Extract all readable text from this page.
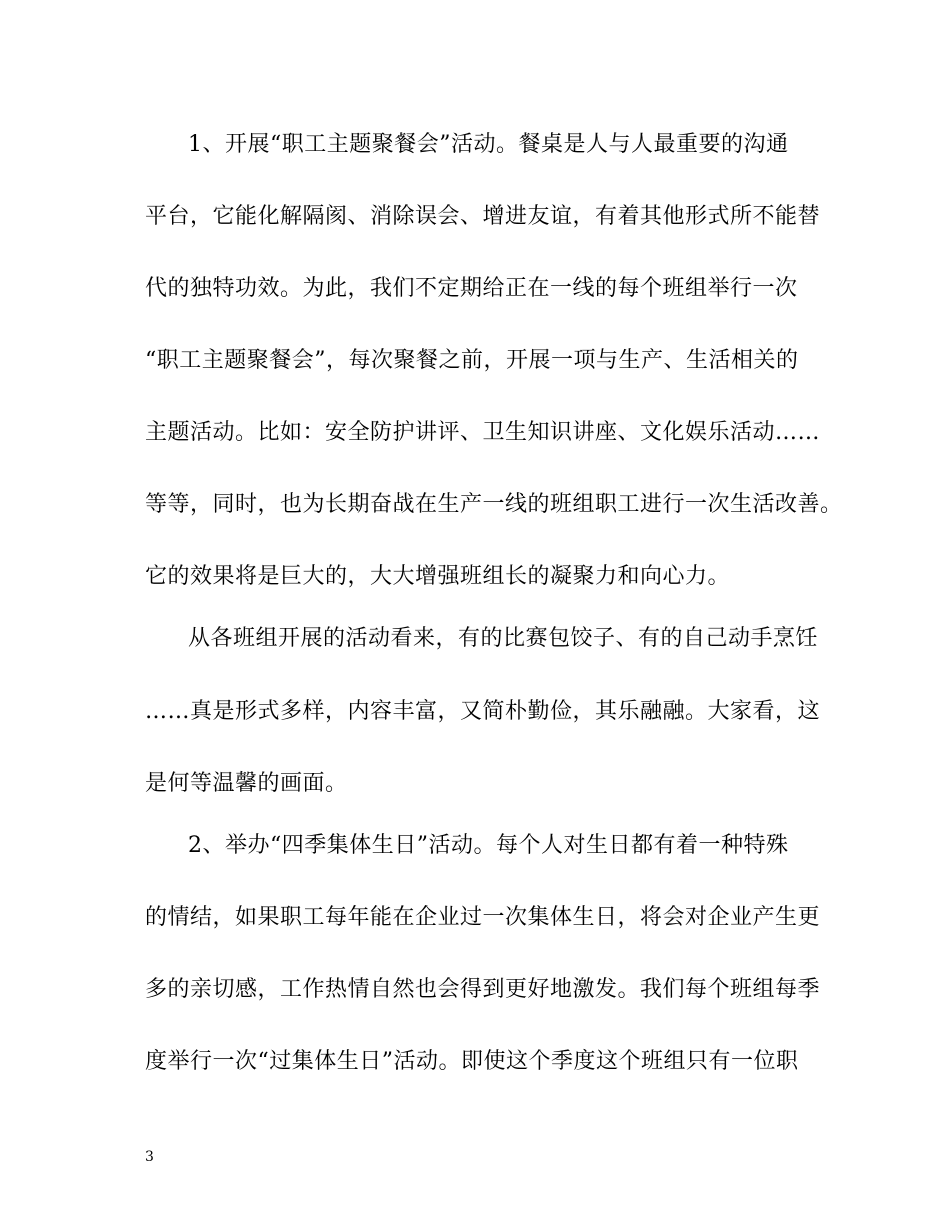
1、开展“职工主题聚餐会”活动。餐桌是人与人最重要的沟通
平台，它能化解隔阂、消除误会、增进友谊，有着其他形式所不能替
代的独特功效。为此，我们不定期给正在一线的每个班组举行一次
“职工主题聚餐会”，每次聚餐之前，开展一项与生产、生活相关的
主题活动。比如：安全防护讲评、卫生知识讲座、文化娱乐活动……
等等，同时，也为长期奋战在生产一线的班组职工进行一次生活改善。
它的效果将是巨大的，大大增强班组长的凝聚力和向心力。
从各班组开展的活动看来，有的比赛包饺子、有的自己动手烹饪
……真是形式多样，内容丰富，又简朴勤俭，其乐融融。大家看，这
是何等温馨的画面。
2、举办“四季集体生日”活动。每个人对生日都有着一种特殊
的情结，如果职工每年能在企业过一次集体生日，将会对企业产生更
多的亲切感，工作热情自然也会得到更好地激发。我们每个班组每季
度举行一次“过集体生日”活动。即使这个季度这个班组只有一位职
3
